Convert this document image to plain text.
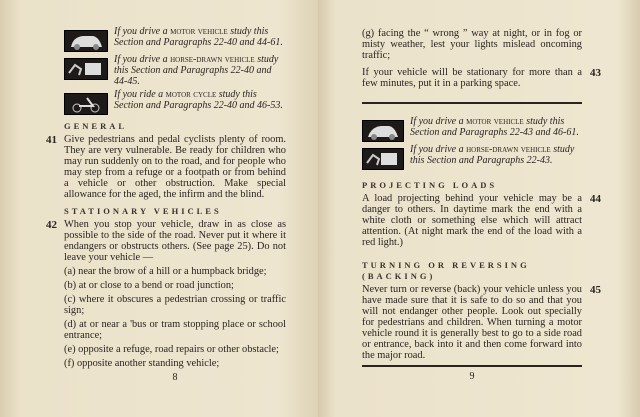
If you drive a motor vehicle study this Section and Paragraphs 22-40 and 44-61.
If you drive a horse-drawn vehicle study this Section and Paragraphs 22-40 and 44-45.
If you ride a motor cycle study this Section and Paragraphs 22-40 and 46-53.
GENERAL
41 Give pedestrians and pedal cyclists plenty of room. They are very vulnerable. Be ready for children who may run suddenly on to the road, and for people who may step from a refuge or a footpath or from behind a vehicle or other obstruction. Make special allowance for the aged, the infirm and the blind.
STATIONARY VEHICLES
42 When you stop your vehicle, draw in as close as possible to the side of the road. Never put it where it endangers or obstructs others. (See page 25). Do not leave your vehicle —
(a) near the brow of a hill or a humpback bridge;
(b) at or close to a bend or road junction;
(c) where it obscures a pedestrian crossing or traffic sign;
(d) at or near a 'bus or tram stopping place or school entrance;
(e) opposite a refuge, road repairs or other obstacle;
(f) opposite another standing vehicle;
8
(g) facing the “ wrong ” way at night, or in fog or misty weather, lest your lights mislead oncoming traffic;
43
If your vehicle will be stationary for more than a few minutes, put it in a parking space.
If you drive a motor vehicle study this Section and Paragraphs 22-43 and 46-61.
If you drive a horse-drawn vehicle study this Section and Paragraphs 22-43.
PROJECTING LOADS
44
A load projecting behind your vehicle may be a danger to others. In daytime mark the end with a white cloth or something else which will attract attention. (At night mark the end of the load with a red light.)
TURNING OR REVERSING (BACKING)
45
Never turn or reverse (back) your vehicle unless you have made sure that it is safe to do so and that you will not endanger other people. Look out specially for pedestrians and children. When turning a motor vehicle round it is generally best to go to a side road or entrance, back into it and then come forward into the major road.
9
